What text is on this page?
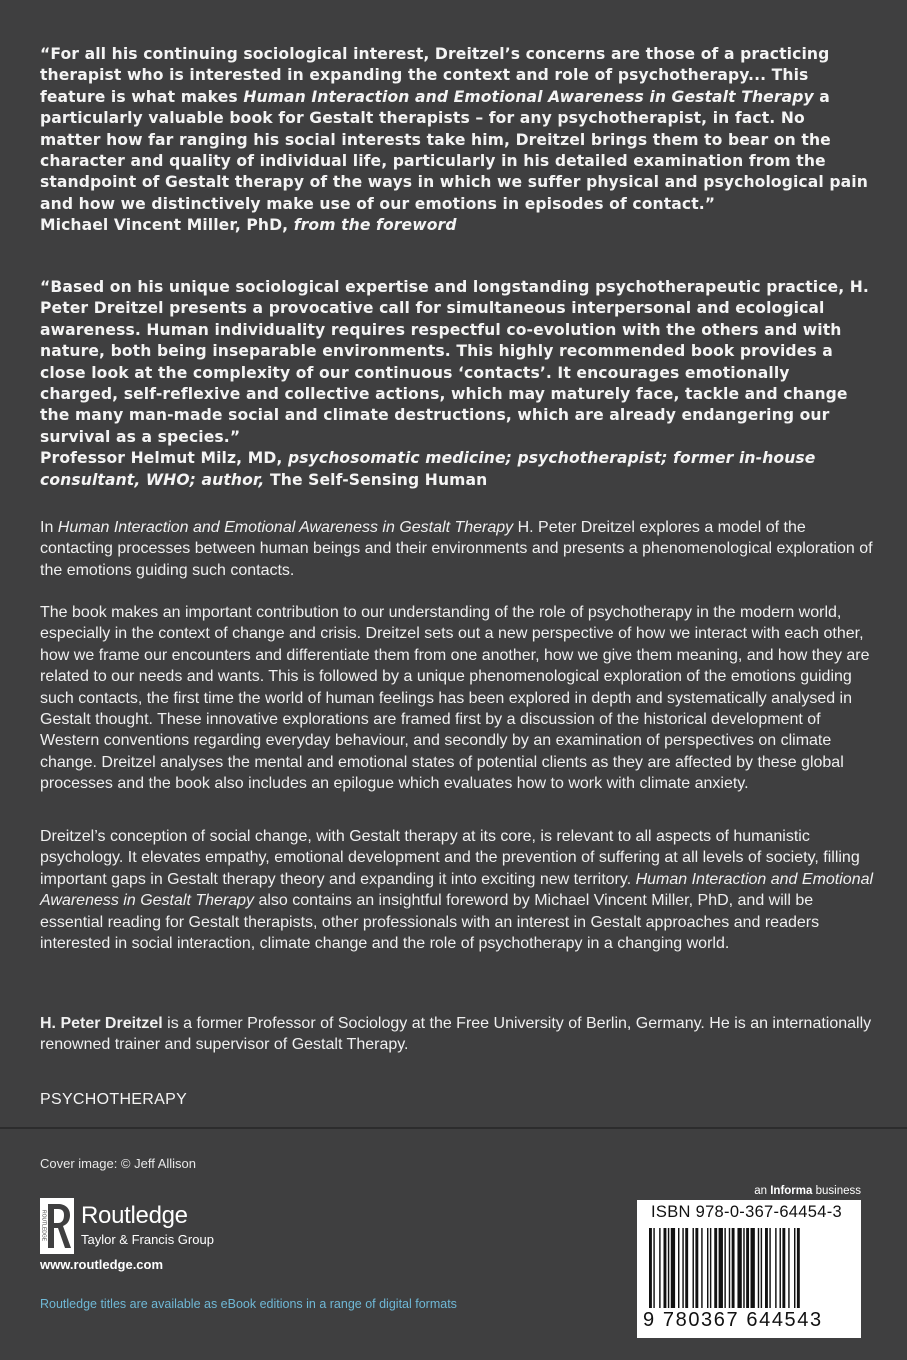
“For all his continuing sociological interest, Dreitzel’s concerns are those of a practicing therapist who is interested in expanding the context and role of psychotherapy... This feature is what makes Human Interaction and Emotional Awareness in Gestalt Therapy a particularly valuable book for Gestalt therapists – for any psychotherapist, in fact. No matter how far ranging his social interests take him, Dreitzel brings them to bear on the character and quality of individual life, particularly in his detailed examination from the standpoint of Gestalt therapy of the ways in which we suffer physical and psychological pain and how we distinctively make use of our emotions in episodes of contact.”
Michael Vincent Miller, PhD, from the foreword

“Based on his unique sociological expertise and longstanding psychotherapeutic practice, H. Peter Dreitzel presents a provocative call for simultaneous interpersonal and ecological awareness. Human individuality requires respectful co-evolution with the others and with nature, both being inseparable environments. This highly recommended book provides a close look at the complexity of our continuous ‘contacts’. It encourages emotionally charged, self-reflexive and collective actions, which may maturely face, tackle and change the many man-made social and climate destructions, which are already endangering our survival as a species.”
Professor Helmut Milz, MD, psychosomatic medicine; psychotherapist; former in-house consultant, WHO; author, The Self-Sensing Human

In Human Interaction and Emotional Awareness in Gestalt Therapy H. Peter Dreitzel explores a model of the contacting processes between human beings and their environments and presents a phenomenological exploration of the emotions guiding such contacts.

The book makes an important contribution to our understanding of the role of psychotherapy in the modern world, especially in the context of change and crisis. Dreitzel sets out a new perspective of how we interact with each other, how we frame our encounters and differentiate them from one another, how we give them meaning, and how they are related to our needs and wants. This is followed by a unique phenomenological exploration of the emotions guiding such contacts, the first time the world of human feelings has been explored in depth and systematically analysed in Gestalt thought. These innovative explorations are framed first by a discussion of the historical development of Western conventions regarding everyday behaviour, and secondly by an examination of perspectives on climate change. Dreitzel analyses the mental and emotional states of potential clients as they are affected by these global processes and the book also includes an epilogue which evaluates how to work with climate anxiety.

Dreitzel’s conception of social change, with Gestalt therapy at its core, is relevant to all aspects of humanistic psychology. It elevates empathy, emotional development and the prevention of suffering at all levels of society, filling important gaps in Gestalt therapy theory and expanding it into exciting new territory. Human Interaction and Emotional Awareness in Gestalt Therapy also contains an insightful foreword by Michael Vincent Miller, PhD, and will be essential reading for Gestalt therapists, other professionals with an interest in Gestalt approaches and readers interested in social interaction, climate change and the role of psychotherapy in a changing world.

H. Peter Dreitzel is a former Professor of Sociology at the Free University of Berlin, Germany. He is an internationally renowned trainer and supervisor of Gestalt Therapy.

PSYCHOTHERAPY
Cover image: © Jeff Allison
ROUTLEDGE Routledge
Taylor & Francis Group
www.routledge.com
Routledge titles are available as eBook editions in a range of digital formats
an Informa business
ISBN 978-0-367-64454-3
9 780367 644543
